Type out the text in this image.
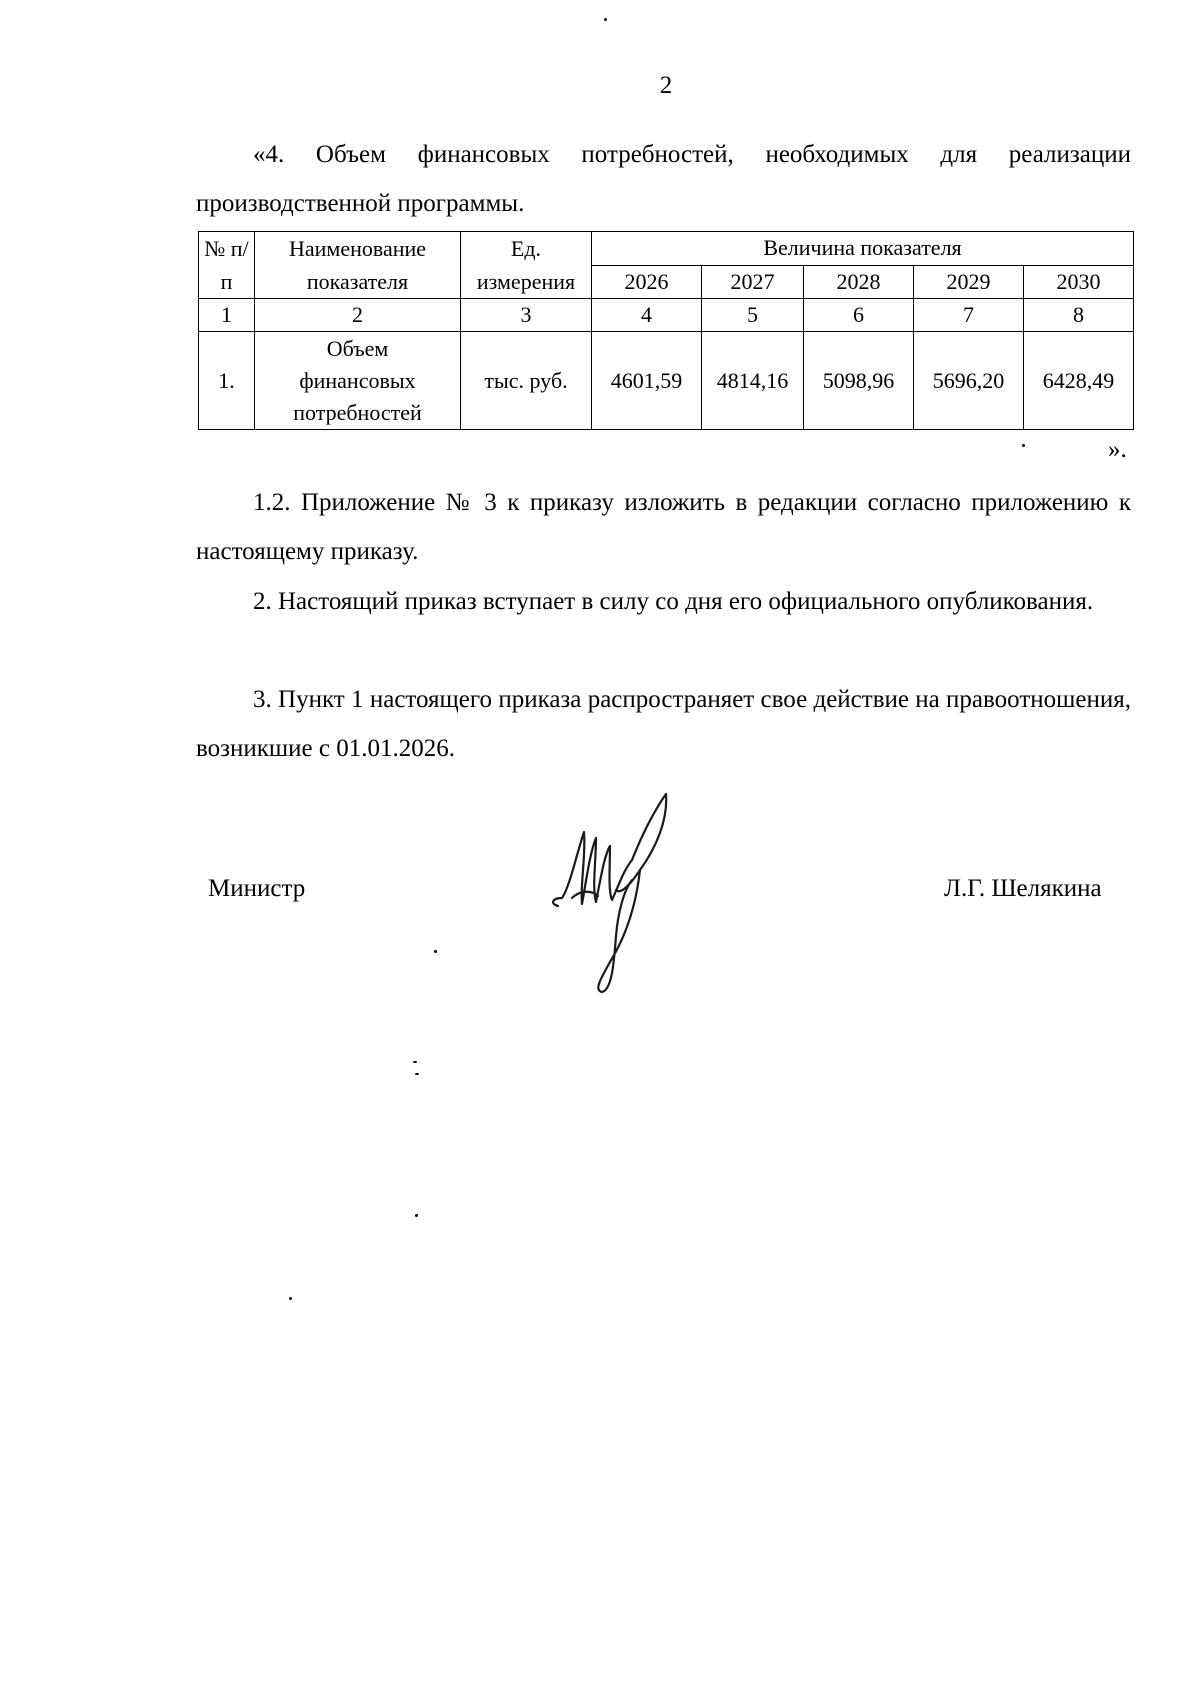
2

«4. Объем финансовых потребностей, необходимых для реализации производственной программы.

№ п/п	Наименование показателя	Ед. измерения	Величина показателя				
			2026	2027	2028	2029	2030
1	2	3	4	5	6	7	8
1.	Объем финансовых потребностей	тыс. руб.	4601,59	4814,16	5098,96	5696,20	6428,49
».

1.2. Приложение № 3 к приказу изложить в редакции согласно приложению к настоящему приказу.

2. Настоящий приказ вступает в силу со дня его официального опубликования.

3. Пункт 1 настоящего приказа распространяет свое действие на правоотношения, возникшие с 01.01.2026.

Министр	Л.Г. Шелякина
